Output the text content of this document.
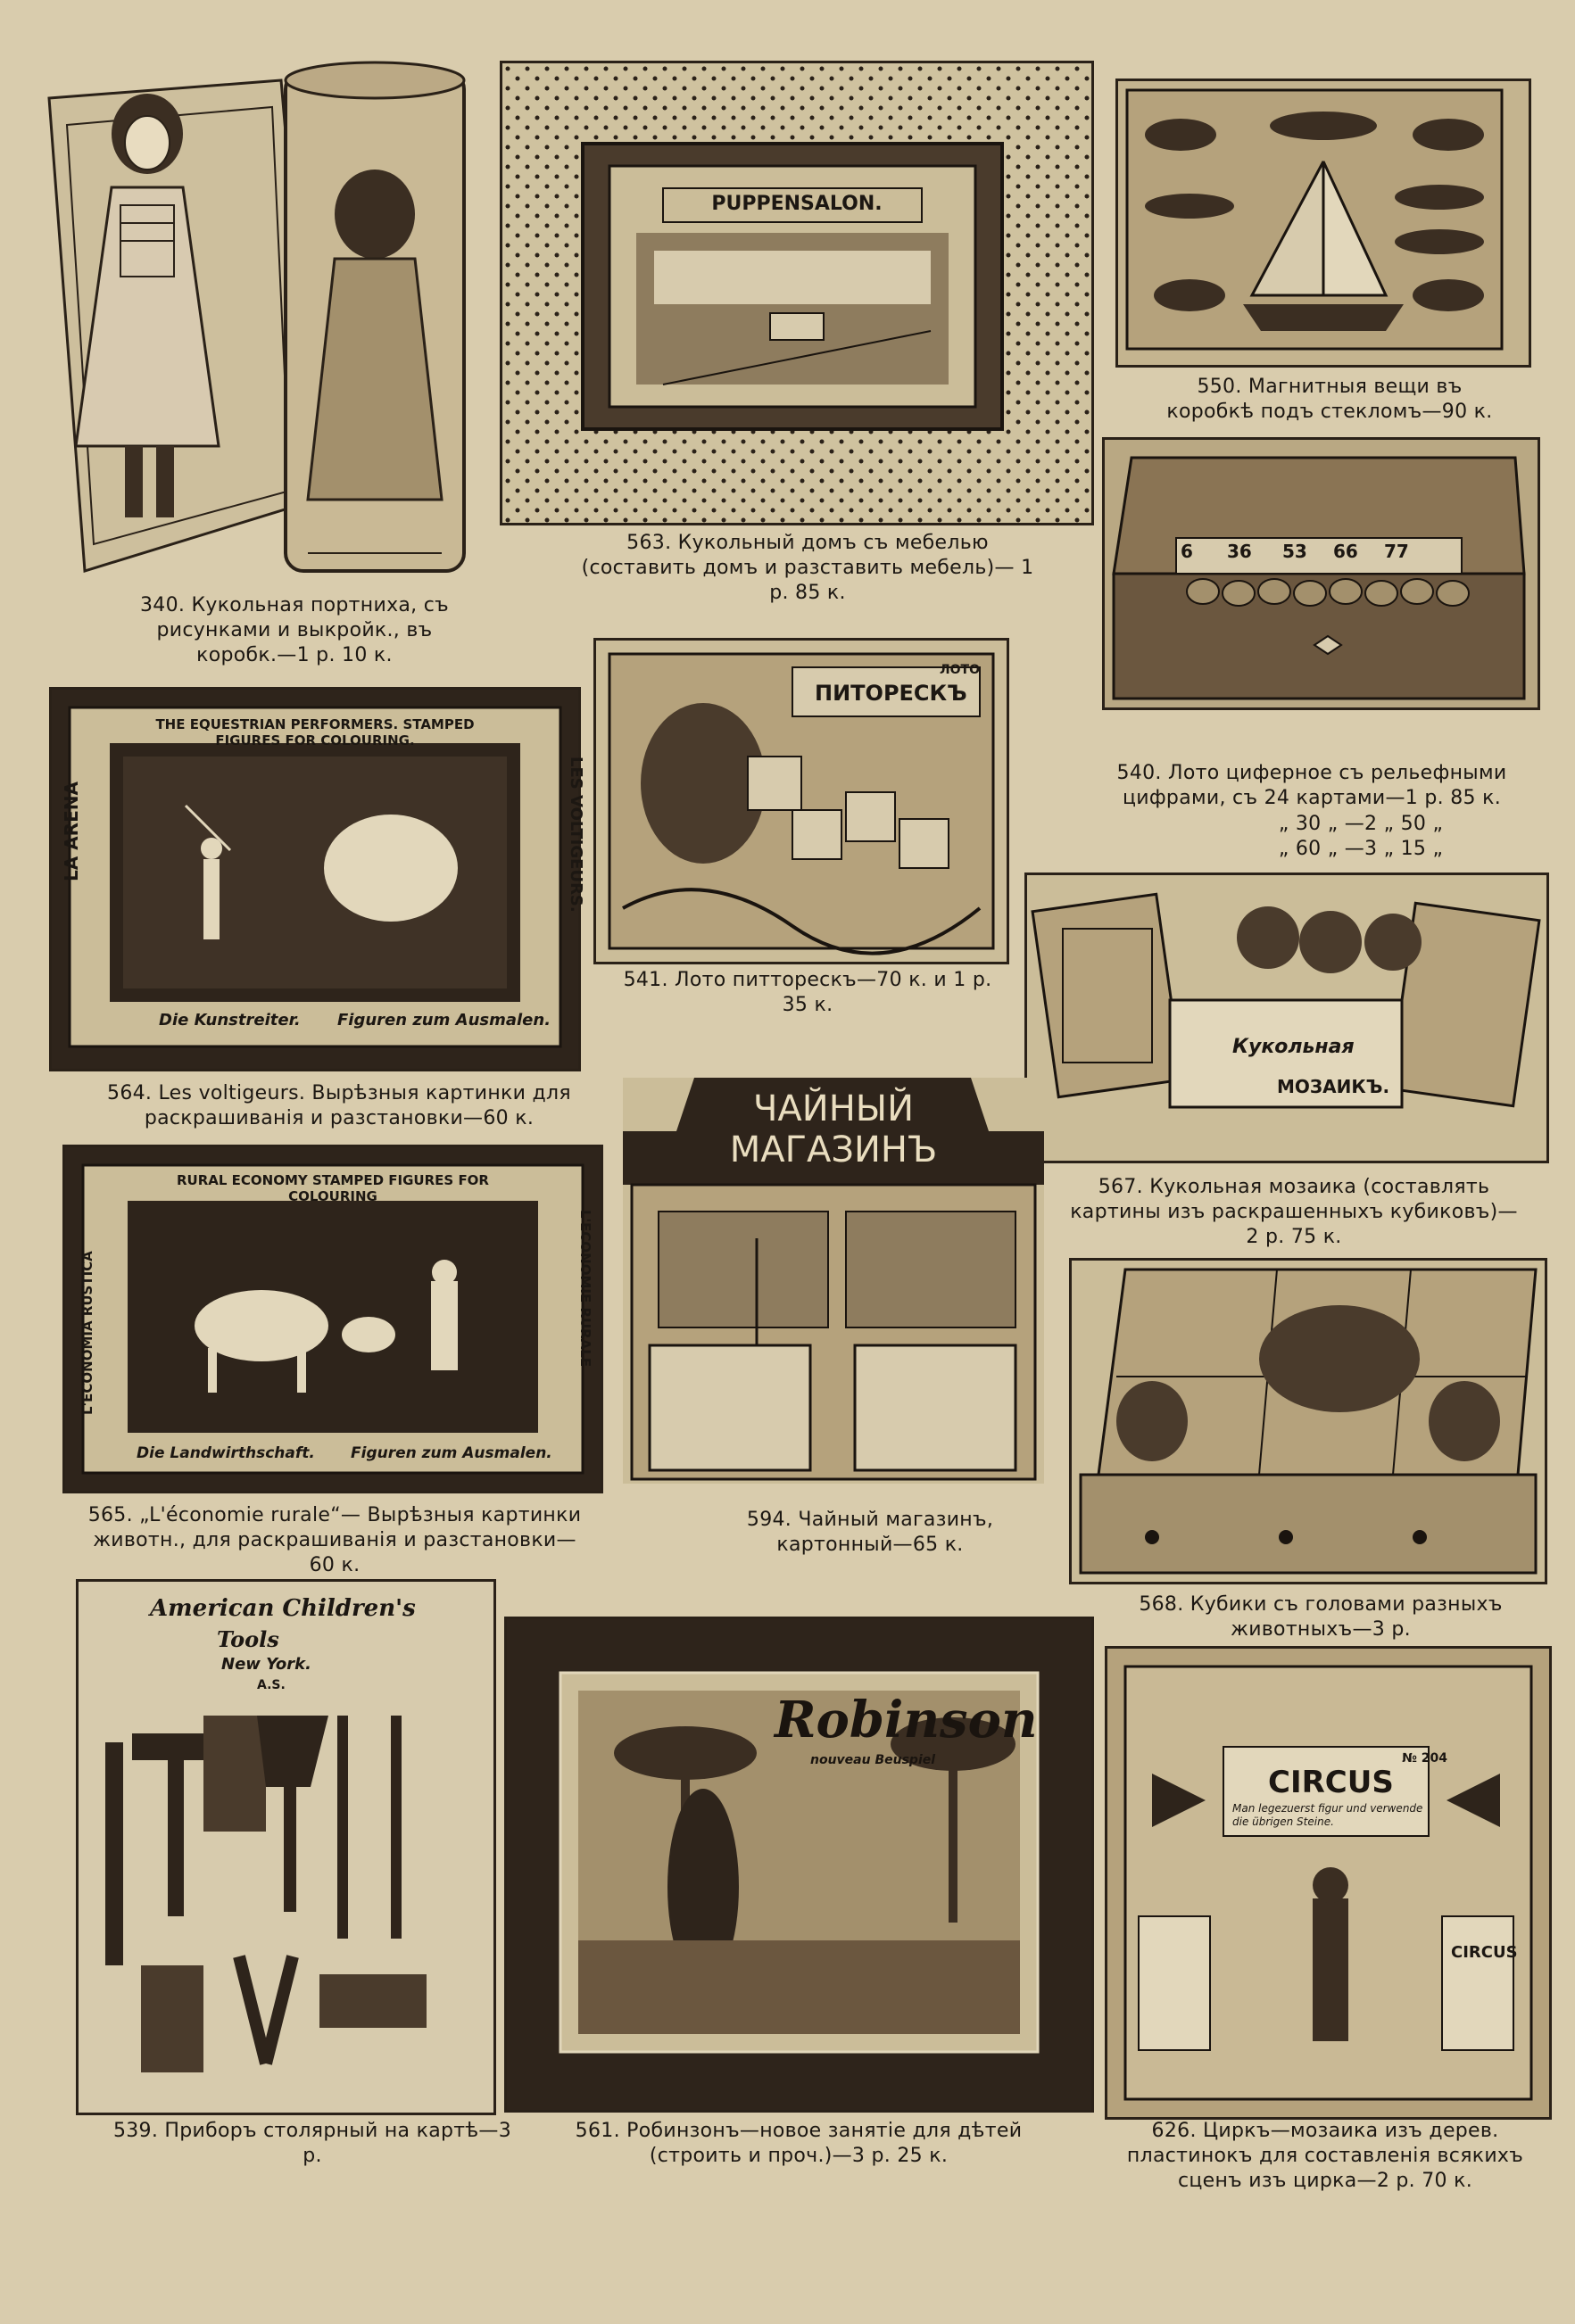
340. Кукольная портниха, съ рисунками и выкройк., въ коробк.—1 р. 10 к.
PUPPENSALON.
563. Кукольный домъ съ мебелью (составить домъ и разставить мебель)— 1 р. 85 к.
550. Магнитныя вещи въ коробкѣ подъ стекломъ—90 к.
6	36	53	66	77
540. Лото циферное съ рельефными цифрами, съ 24 картами—1 р. 85 к.
„ 30 „ —2 „ 50 „
„ 60 „ —3 „ 15 „
THE EQUESTRIAN PERFORMERS. STAMPED FIGURES FOR COLOURING.
LA ARENA	LES VOLTIGEURS.
Die Kunstreiter. Figuren zum Ausmalen.
564. Les voltigeurs. Вырѣзныя картинки для раскрашиванія и разстановки—60 к.
ЛОТО
ПИТОРЕСКЪ
541. Лото питторескъ—70 к. и 1 р. 35 к.
Кукольная
МОЗАИКЪ.
567. Кукольная мозаика (составлять картины изъ раскрашенныхъ кубиковъ)— 2 р. 75 к.
RURAL ECONOMY STAMPED FIGURES FOR COLOURING
L'ECONOMIA RUSTICA	L'ECONOMIE RURALE
Die Landwirthschaft. Figuren zum Ausmalen.
565. „L'économie rurale“— Вырѣзныя картинки животн., для раскрашиванія и разстановки—60 к.
ЧАЙНЫЙ
МАГАЗИНЪ
594. Чайный магазинъ, картонный—65 к.
568. Кубики съ головами разныхъ животныхъ—3 р.
American Children's
Tools
New York.
A.S.
539. Приборъ столярный на картѣ—3 р.
Robinson
nouveau Beuspiel
561. Робинзонъ—новое занятіе для дѣтей (строить и проч.)—3 р. 25 к.
№ 204
CIRCUS
Man legezuerst figur und verwende die übrigen Steine.
CIRCUS
626. Циркъ—мозаика изъ дерев. пластинокъ для составленія всякихъ сценъ изъ цирка—2 р. 70 к.
